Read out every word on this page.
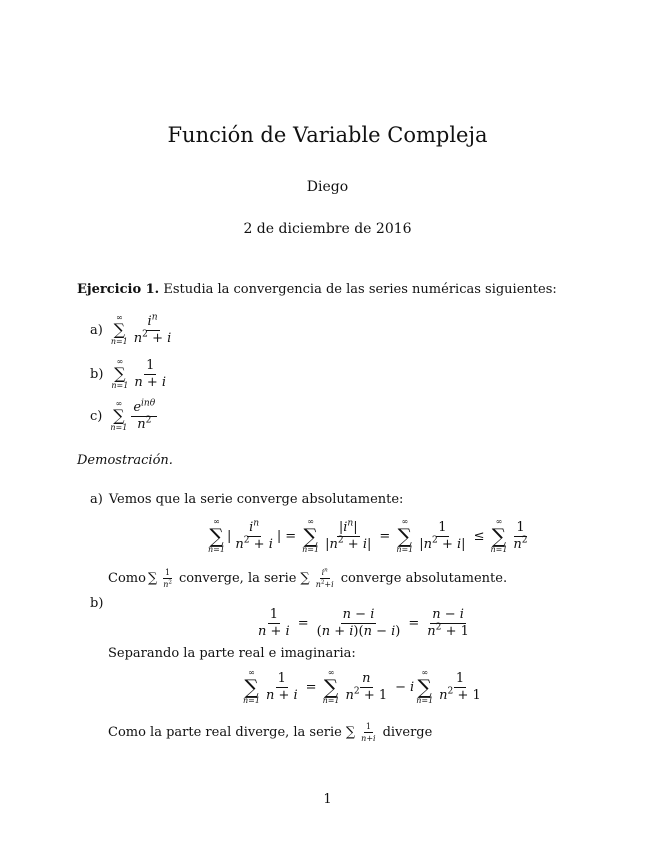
Función de Variable Compleja
Diego
2 de diciembre de 2016
Ejercicio 1. Estudia la convergencia de las series numéricas siguientes:
a)
∞
∑
$n=1 \frac{i^n}{n^2 + i}$
b)
∞
∑
$n=1 \frac{1}{n + i}$
c)
∞
∑
$n=1 \frac{e^{in\theta}}{n^2}$
Demostración.
a) Vemos que la serie converge absolutamente:
∞
∑
n=1
| $\frac{i^n}{n^2 + i}$ | =
∞
∑
$n=1 \frac{|i^n|}{|n^2 + i|}$ =
∞
∑
$n=1 \frac{1}{|n^2 + i|}$ ≤
∞
∑
$n=1 \frac{1}{n^2}$
Como ∑ $\frac{1}{n^2}$ converge, la serie ∑ $\frac{i^n}{n^2+i}$ converge absolutamente.
b)
$\frac{1}{n + i} = \frac{n - i}{(n + i)(n - i)} = \frac{n - i}{n^2 + 1}$
Separando la parte real e imaginaria:
∞
∑
$n=1 \frac{1}{n + i}$ =
∞
∑
$n=1 \frac{n}{n^2 + 1} - i$
∞
∑
$n=1 \frac{1}{n^2 + 1}$
Como la parte real diverge, la serie ∑ $\frac{1}{n+i}$ diverge
1
